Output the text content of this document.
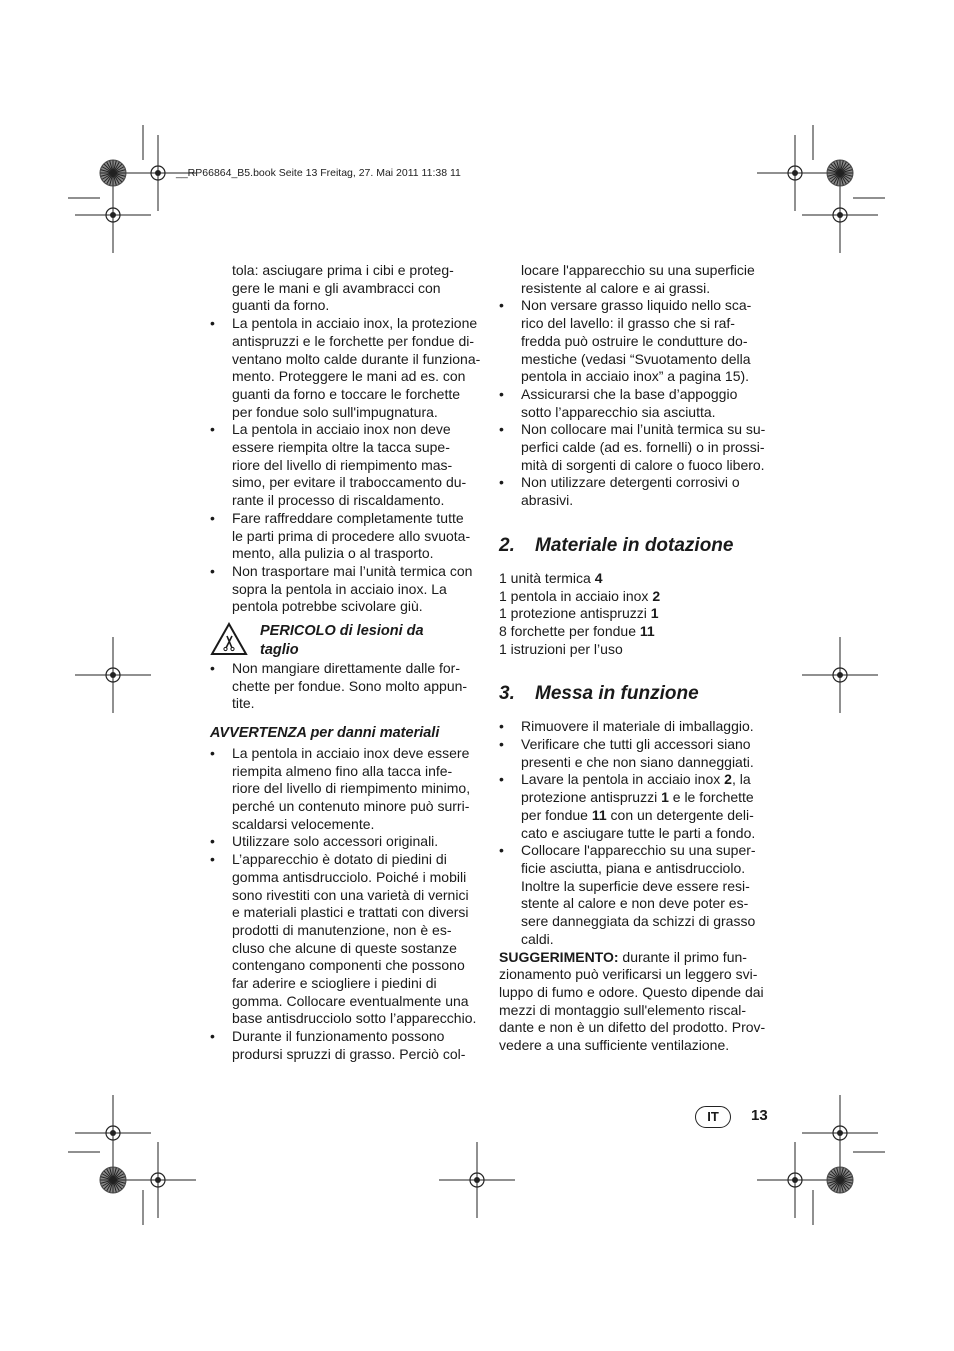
__RP66864_B5.book Seite 13 Freitag, 27. Mai 2011 11:38 11

tola: asciugare prima i cibi e proteg-

gere le mani e gli avambracci con

guanti da forno.

• La pentola in acciaio inox, la protezione
antispruzzi e le forchette per fondue di-
ventano molto calde durante il funziona-
mento. Proteggere le mani ad es. con
guanti da forno e toccare le forchette
per fondue solo sull'impugnatura.
• La pentola in acciaio inox non deve
essere riempita oltre la tacca supe-
riore del livello di riempimento mas-
simo, per evitare il traboccamento du-
rante il processo di riscaldamento.
• Fare raffreddare completamente tutte
le parti prima di procedere allo svuota-
mento, alla pulizia o al trasporto.
• Non trasportare mai l’unità termica con
sopra la pentola in acciaio inox. La
pentola potrebbe scivolare giù.

PERICOLO di lesioni da

taglio

• Non mangiare direttamente dalle for-
chette per fondue. Sono molto appun-
tite.

AVVERTENZA per danni materiali

• La pentola in acciaio inox deve essere
riempita almeno fino alla tacca infe-
riore del livello di riempimento minimo,
perché un contenuto minore può surri-
scaldarsi velocemente.
• Utilizzare solo accessori originali.
• L’apparecchio è dotato di piedini di
gomma antisdrucciolo. Poiché i mobili
sono rivestiti con una varietà di vernici
e materiali plastici e trattati con diversi
prodotti di manutenzione, non è es-
cluso che alcune di queste sostanze
contengano componenti che possono
far aderire e sciogliere i piedini di
gomma. Collocare eventualmente una
base antisdrucciolo sotto l’apparecchio.
• Durante il funzionamento possono
prodursi spruzzi di grasso. Perciò col-

locare l'apparecchio su una superficie

resistente al calore e ai grassi.

• Non versare grasso liquido nello sca-
rico del lavello: il grasso che si raf-
fredda può ostruire le condutture do-
mestiche (vedasi “Svuotamento della
pentola in acciaio inox” a pagina 15).
• Assicurarsi che la base d’appoggio
sotto l’apparecchio sia asciutta.
• Non collocare mai l’unità termica su su-
perfici calde (ad es. fornelli) o in prossi-
mità di sorgenti di calore o fuoco libero.
• Non utilizzare detergenti corrosivi o
abrasivi.
2. Materiale in dotazione

1 unità termica 4

1 pentola in acciaio inox 2

1 protezione antispruzzi 1

8 forchette per fondue 11

1 istruzioni per l’uso

3. Messa in funzione
• Rimuovere il materiale di imballaggio.
• Verificare che tutti gli accessori siano
presenti e che non siano danneggiati.
• Lavare la pentola in acciaio inox 2, la
protezione antispruzzi 1 e le forchette
per fondue 11 con un detergente deli-
cato e asciugare tutte le parti a fondo.
• Collocare l'apparecchio su una super-
ficie asciutta, piana e antisdrucciolo.
Inoltre la superficie deve essere resi-
stente al calore e non deve poter es-
sere danneggiata da schizzi di grasso
caldi.

SUGGERIMENTO: durante il primo fun-

zionamento può verificarsi un leggero svi-

luppo di fumo e odore. Questo dipende dai

mezzi di montaggio sull'elemento riscal-

dante e non è un difetto del prodotto. Prov-

vedere a una sufficiente ventilazione.

IT	13
